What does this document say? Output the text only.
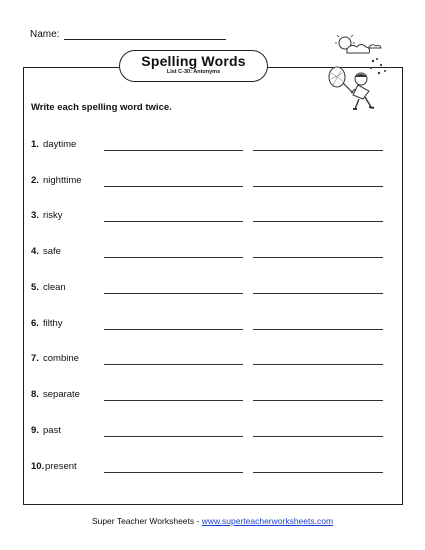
Name:
Spelling Words
List C-30: Antonyms
Write each spelling word twice.
1. daytime
2. nighttime
3. risky
4. safe
5. clean
6. filthy
7. combine
8. separate
9. past
10. present
Super Teacher Worksheets - www.superteacherworksheets.com
